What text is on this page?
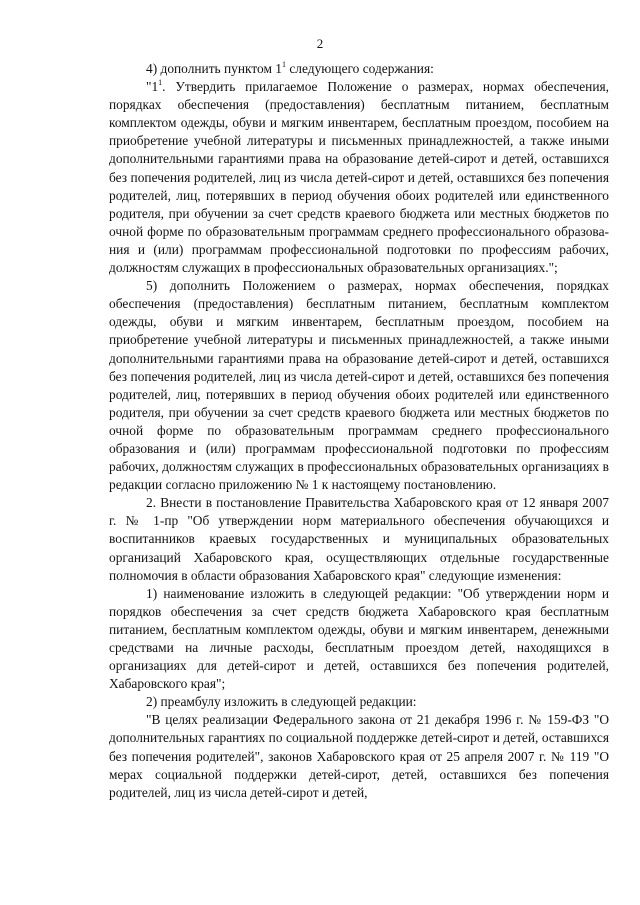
2

4) дополнить пунктом $1^1$ следующего содержания:

"$1^1$. Утвердить прилагаемое Положение о размерах, нормах обеспечения, порядках обеспечения (предоставления) бесплатным питанием, бесплатным комплектом одежды, обуви и мягким инвентарем, бесплатным проездом, пособием на приобретение учебной литературы и письменных принадлежностей, а также иными дополнительными гарантиями права на образование детей-сирот и детей, оставшихся без попечения родителей, лиц из числа детей-сирот и детей, оставшихся без попечения родителей, лиц, потерявших в период обучения обоих родителей или единственного родителя, при обучении за счет средств краевого бюджета или местных бюджетов по очной форме по образовательным программам среднего профессионального образования и (или) программам профессиональной подготовки по профессиям рабочих, должностям служащих в профессиональных образовательных организациях.";

5) дополнить Положением о размерах, нормах обеспечения, порядках обеспечения (предоставления) бесплатным питанием, бесплатным комплектом одежды, обуви и мягким инвентарем, бесплатным проездом, пособием на приобретение учебной литературы и письменных принадлежностей, а также иными дополнительными гарантиями права на образование детей-сирот и детей, оставшихся без попечения родителей, лиц из числа детей-сирот и детей, оставшихся без попечения родителей, лиц, потерявших в период обучения обоих родителей или единственного родителя, при обучении за счет средств краевого бюджета или местных бюджетов по очной форме по образовательным программам среднего профессионального образования и (или) программам профессиональной подготовки по профессиям рабочих, должностям служащих в профессиональных образовательных организациях в редакции согласно приложению № 1 к настоящему постановлению.

2. Внести в постановление Правительства Хабаровского края от 12 января 2007 г. № 1-пр "Об утверждении норм материального обеспечения обучающихся и воспитанников краевых государственных и муниципальных образовательных организаций Хабаровского края, осуществляющих отдельные государственные полномочия в области образования Хабаровского края" следующие изменения:

1) наименование изложить в следующей редакции: "Об утверждении норм и порядков обеспечения за счет средств бюджета Хабаровского края бесплатным питанием, бесплатным комплектом одежды, обуви и мягким инвентарем, денежными средствами на личные расходы, бесплатным проездом детей, находящихся в организациях для детей-сирот и детей, оставшихся без попечения родителей, Хабаровского края";

2) преамбулу изложить в следующей редакции:

"В целях реализации Федерального закона от 21 декабря 1996 г. № 159-ФЗ "О дополнительных гарантиях по социальной поддержке детей-сирот и детей, оставшихся без попечения родителей", законов Хабаровского края от 25 апреля 2007 г. № 119 "О мерах социальной поддержки детей-сирот, детей, оставшихся без попечения родителей, лиц из числа детей-сирот и детей,
